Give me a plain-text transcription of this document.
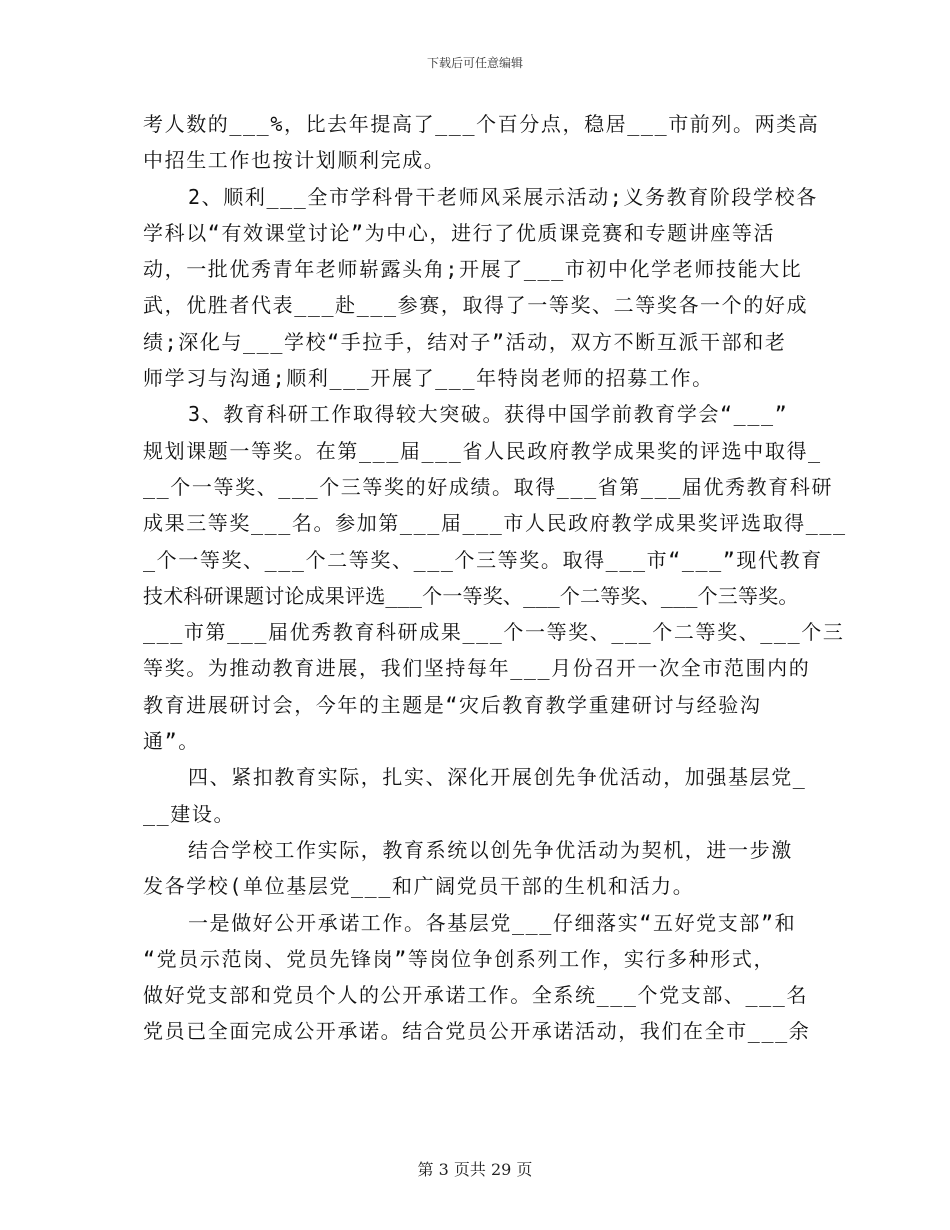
下载后可任意编辑
考人数的___%，比去年提高了___个百分点，稳居___市前列。两类高
中招生工作也按计划顺利完成。
2、顺利___全市学科骨干老师风采展示活动;义务教育阶段学校各
学科以“有效课堂讨论”为中心，进行了优质课竞赛和专题讲座等活
动，一批优秀青年老师崭露头角;开展了___市初中化学老师技能大比
武，优胜者代表___赴___参赛，取得了一等奖、二等奖各一个的好成
绩;深化与___学校“手拉手，结对子”活动，双方不断互派干部和老
师学习与沟通;顺利___开展了___年特岗老师的招募工作。
3、教育科研工作取得较大突破。获得中国学前教育学会“___”
规划课题一等奖。在第___届___省人民政府教学成果奖的评选中取得_
__个一等奖、___个三等奖的好成绩。取得___省第___届优秀教育科研
成果三等奖___名。参加第___届___市人民政府教学成果奖评选取得___
_个一等奖、___个二等奖、___个三等奖。取得___市“___”现代教育
技术科研课题讨论成果评选___个一等奖、___个二等奖、___个三等奖。
___市第___届优秀教育科研成果___个一等奖、___个二等奖、___个三
等奖。为推动教育进展，我们坚持每年___月份召开一次全市范围内的
教育进展研讨会，今年的主题是“灾后教育教学重建研讨与经验沟
通”。
四、紧扣教育实际，扎实、深化开展创先争优活动，加强基层党_
__建设。
结合学校工作实际，教育系统以创先争优活动为契机，进一步激
发各学校(单位基层党___和广阔党员干部的生机和活力。
一是做好公开承诺工作。各基层党___仔细落实“五好党支部”和
“党员示范岗、党员先锋岗”等岗位争创系列工作，实行多种形式，
做好党支部和党员个人的公开承诺工作。全系统___个党支部、___名
党员已全面完成公开承诺。结合党员公开承诺活动，我们在全市___余
第 3 页共 29 页
